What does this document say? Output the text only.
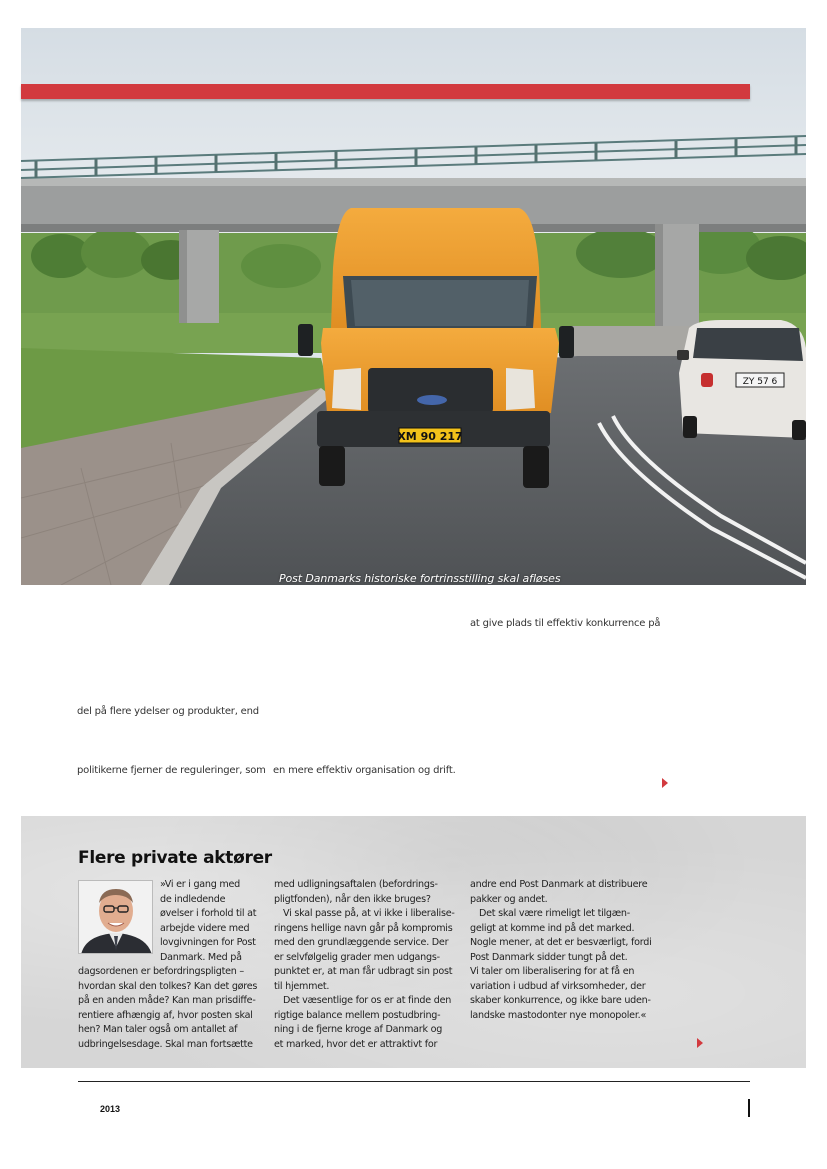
XM 90 217
ZY 57 6
Post Danmarks historiske fortrinsstilling skal afløses
at give plads til effektiv konkurrence på
del på flere ydelser og produkter, end
politikerne fjerner de reguleringer, som en mere effektiv organisation og drift.
Flere private aktører

»Vi er i gang med

de indledende

øvelser i forhold til at

arbejde videre med

lovgivningen for Post

Danmark. Med på

dagsordenen er befordringspligten –

hvordan skal den tolkes? Kan det gøres

på en anden måde? Kan man prisdiffe-

rentiere afhængig af, hvor posten skal

hen? Man taler også om antallet af

udbringelsesdage. Skal man fortsætte

med udligningsaftalen (befordrings-

pligtfonden), når den ikke bruges?

Vi skal passe på, at vi ikke i liberalise-

ringens hellige navn går på kompromis

med den grundlæggende service. Der

er selvfølgelig grader men udgangs-

punktet er, at man får udbragt sin post

til hjemmet.

Det væsentlige for os er at finde den

rigtige balance mellem postudbring-

ning i de fjerne kroge af Danmark og

et marked, hvor det er attraktivt for

andre end Post Danmark at distribuere

pakker og andet.

Det skal være rimeligt let tilgæn-

geligt at komme ind på det marked.

Nogle mener, at det er besværligt, fordi

Post Danmark sidder tungt på det.

Vi taler om liberalisering for at få en

variation i udbud af virksomheder, der

skaber konkurrence, og ikke bare uden-

landske mastodonter nye monopoler.«

2013
